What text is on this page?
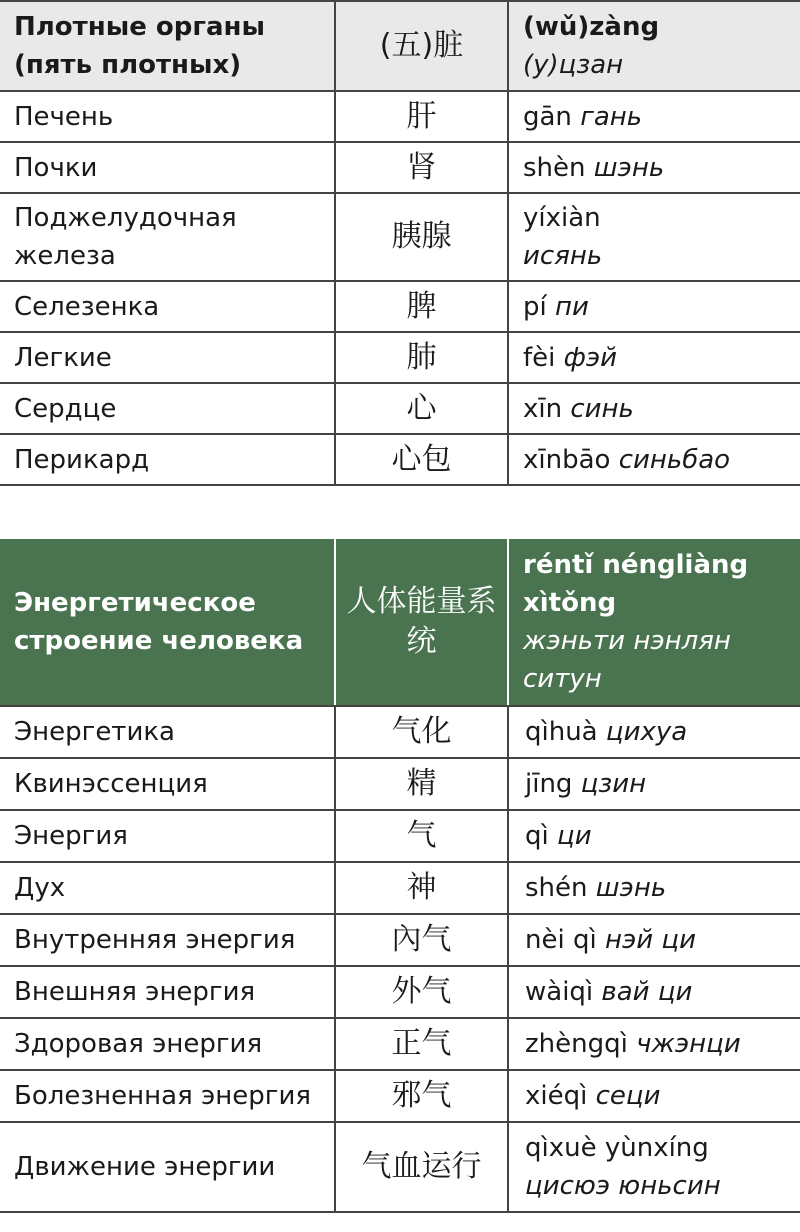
Плотные органы
(пять плотных)	(五)脏	(wǔ)zàng
(у)цзан

Печень	肝	gān гань
Почки	肾	shèn шэнь
Поджелудочная железа	胰腺	yíxiàn
исянь

Селезенка	脾	pí пи
Легкие	肺	fèi фэй
Сердце	心	xīn синь
Перикард	心包	xīnbāo синьбао
Энергетическое строение человека	人体能量系统	réntǐ néngliàng xìtǒng
жэньти нэнлян ситун

Энергетика	气化	qìhuà цихуа
Квинэссенция	精	jīng цзин
Энергия	气	qì ци
Дух	神	shén шэнь
Внутренняя энергия	內气	nèi qì нэй ци
Внешняя энергия	外气	wàiqì вай ци
Здоровая энергия	正气	zhèngqì чжэнци
Болезненная энергия	邪气	xiéqì сеци
Движение энергии	气血运行	qìxuè yùnxíng
цисюэ юньсин
